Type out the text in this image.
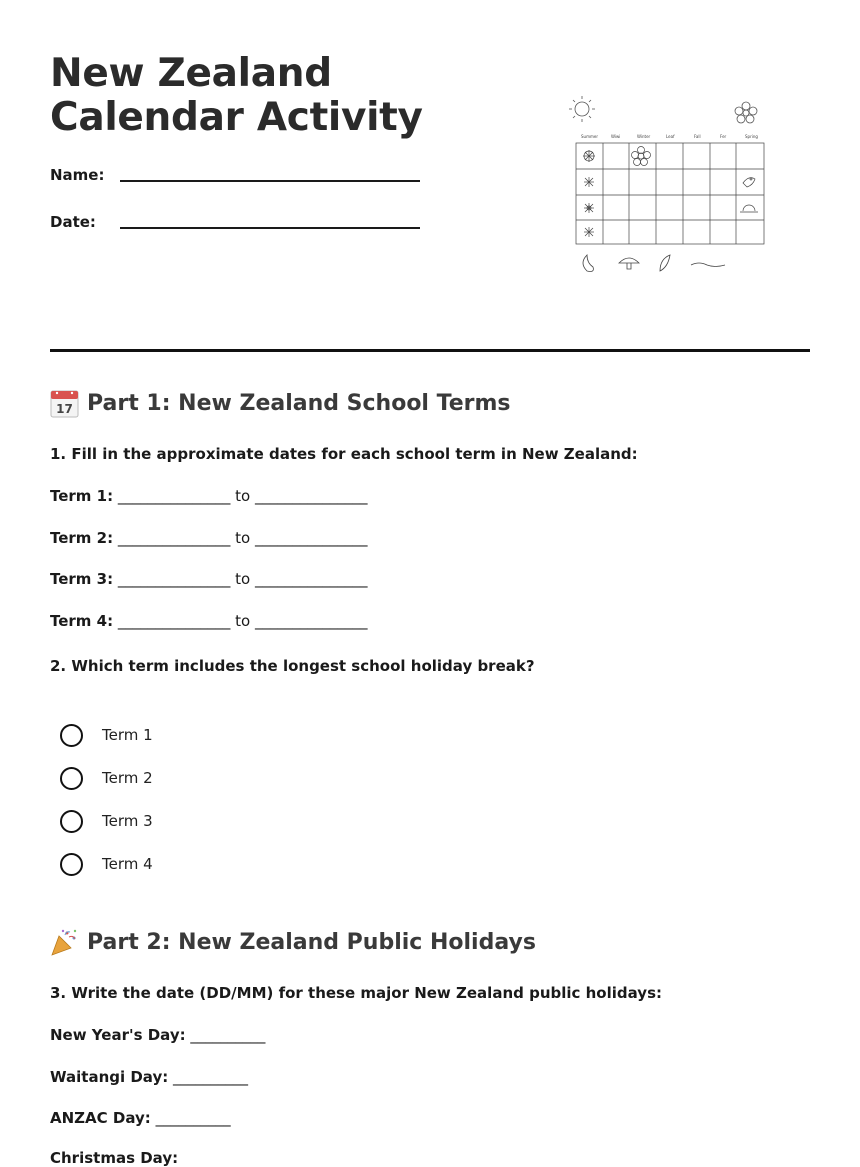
New Zealand Calendar Activity
Name:
Date:
Summer	Wiwi	Winter	Leaf	Fall	Fer	Spring
17 Part 1: New Zealand School Terms
1. Fill in the approximate dates for each school term in New Zealand:
Term 1: _______________ to _______________
Term 2: _______________ to _______________
Term 3: _______________ to _______________
Term 4: _______________ to _______________
2. Which term includes the longest school holiday break?
Term 1
Term 2
Term 3
Term 4
Part 2: New Zealand Public Holidays
3. Write the date (DD/MM) for these major New Zealand public holidays:
New Year's Day: __________
Waitangi Day: __________
ANZAC Day: __________
Christmas Day:
